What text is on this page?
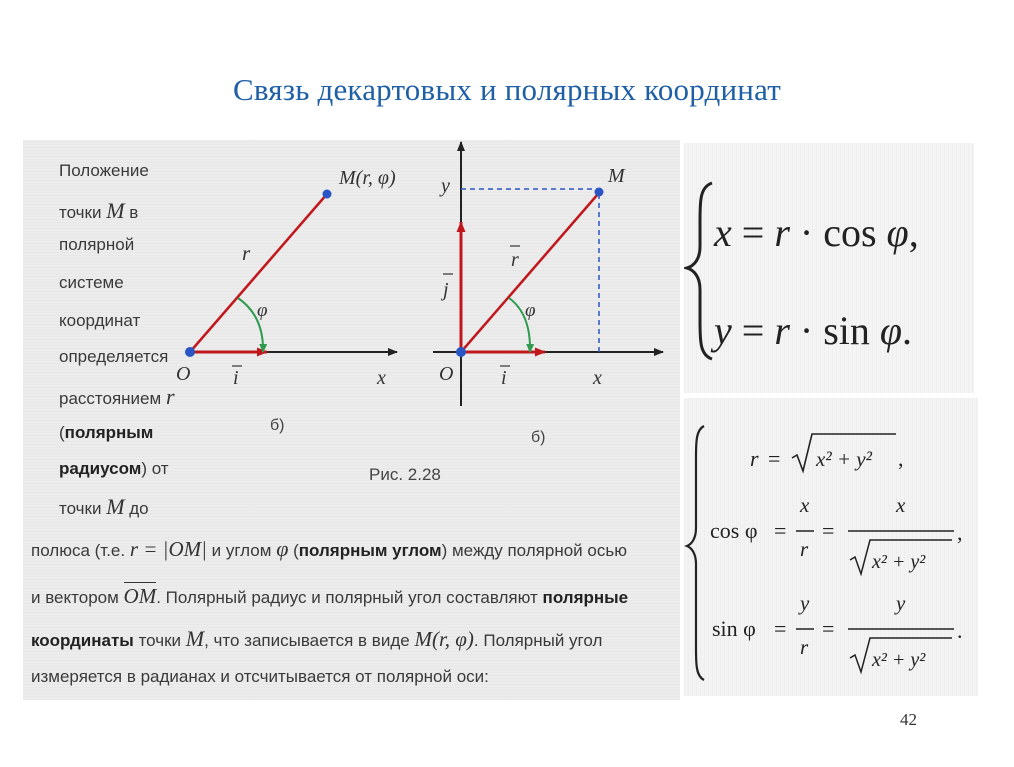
Связь декартовых и полярных координат
Положение
точки M в
полярной
системе
координат
определяется
расстоянием r
(полярным
радиусом) от
точки M до
полюса (т.е. r = |OM| и углом φ (полярным углом) между полярной осью
и вектором OM. Полярный радиус и полярный угол составляют полярные
координаты точки M, что записывается в виде M(r, φ). Полярный угол
измеряется в радианах и отсчитывается от полярной оси:
M(r, φ)
r
φ
O i	x
б)
Рис. 2.28
M
y
j
r
φ
O i	x
б)
x = r · cos φ,
y = r · sin φ.
r = x² + y² ,
cos φ =
x
r
=
x
x² + y²
,
sin φ =
y
r
=
y
x² + y²
.
42
